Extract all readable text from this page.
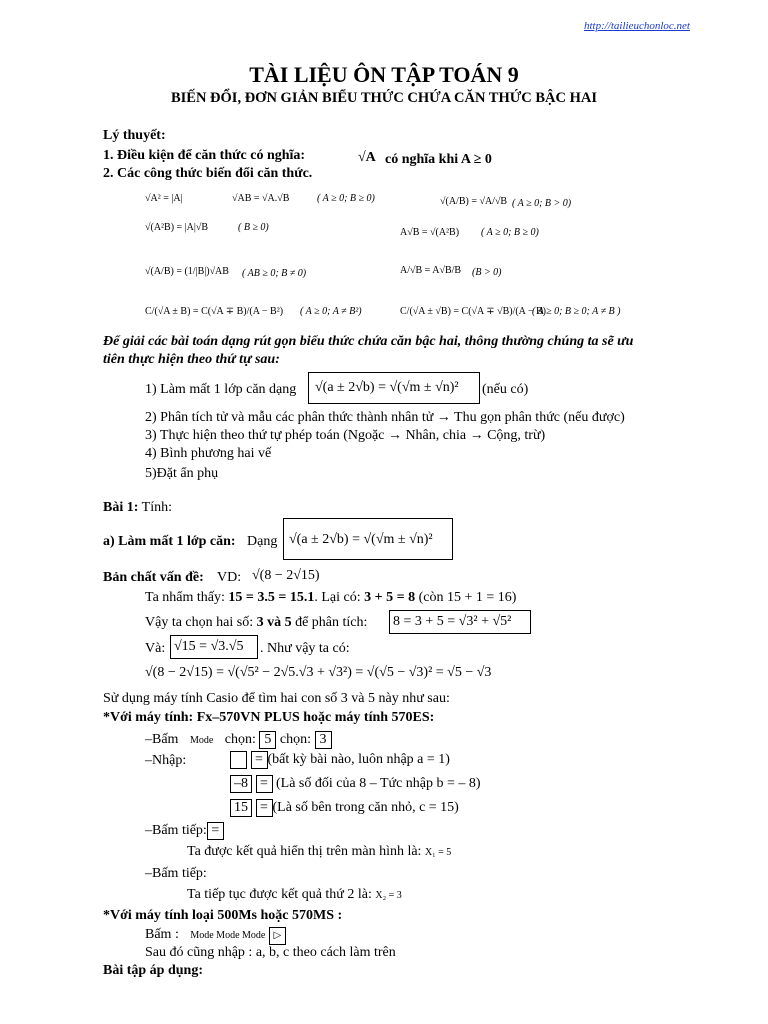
http://tailieuchonloc.net
TÀI LIỆU ÔN TẬP TOÁN 9
BIẾN ĐỔI, ĐƠN GIẢN BIỂU THỨC CHỨA CĂN THỨC BẬC HAI
Lý thuyết:
1. Điều kiện để căn thức có nghĩa:	√A có nghĩa khi A ≥ 0
2. Các công thức biến đổi căn thức.
√A² = |A|	√AB = √A.√B	( A ≥ 0; B ≥ 0)	√(A/B) = √A/√B ( A ≥ 0; B > 0)
√(A²B) = |A|√B	( B ≥ 0)	A√B = √(A²B) ( A ≥ 0; B ≥ 0)
√(A/B) = (1/|B|)√AB ( AB ≥ 0; B ≠ 0)	A/√B = A√B/B (B > 0)
C/(√A ± B) = C(√A ∓ B)/(A − B²) ( A ≥ 0; A ≠ B²)	C/(√A ± √B) = C(√A ∓ √B)/(A − B)
( A ≥ 0; B ≥ 0; A ≠ B )
Để giải các bài toán dạng rút gọn biểu thức chứa căn bậc hai, thông thường chúng ta sẽ ưu
tiên thực hiện theo thứ tự sau:
1) Làm mất 1 lớp căn dạng √(a ± 2√b) = √(√m ± √n)² (nếu có)
2) Phân tích tử và mẫu các phân thức thành nhân tử → Thu gọn phân thức (nếu được)
3) Thực hiện theo thứ tự phép toán (Ngoặc → Nhân, chia → Cộng, trừ)
4) Bình phương hai vế
5)Đặt ẩn phụ
Bài 1: Tính:
a) Làm mất 1 lớp căn: Dạng √(a ± 2√b) = √(√m ± √n)²
Bản chất vấn đề: VD: √(8 − 2√15)
Ta nhẩm thấy: 15 = 3.5 = 15.1. Lại có: 3 + 5 = 8 (còn 15 + 1 = 16)
Vậy ta chọn hai số: 3 và 5 để phân tích: 8 = 3 + 5 = √3² + √5²
Và: √15 = √3.√5 . Như vậy ta có:
√(8 − 2√15) = √(√5² − 2√5.√3 + √3²) = √(√5 − √3)² = √5 − √3
Sử dụng máy tính Casio để tìm hai con số 3 và 5 này như sau:
*Với máy tính: Fx–570VN PLUS hoặc máy tính 570ES:
–Bấm Mode chọn: 5 chọn: 3
–Nhập:	1 = (bất kỳ bài nào, luôn nhập a = 1)
–8 = (Là số đối của 8 – Tức nhập b = – 8)
15 = (Là số bên trong căn nhỏ, c = 15)
–Bấm tiếp: =
Ta được kết quả hiển thị trên màn hình là: X₁ = 5
–Bấm tiếp:
Ta tiếp tục được kết quả thứ 2 là: X₂ = 3
*Với máy tính loại 500Ms hoặc 570MS :
Bấm : Mode Mode Mode ▷
Sau đó cũng nhập : a, b, c theo cách làm trên
Bài tập áp dụng:
